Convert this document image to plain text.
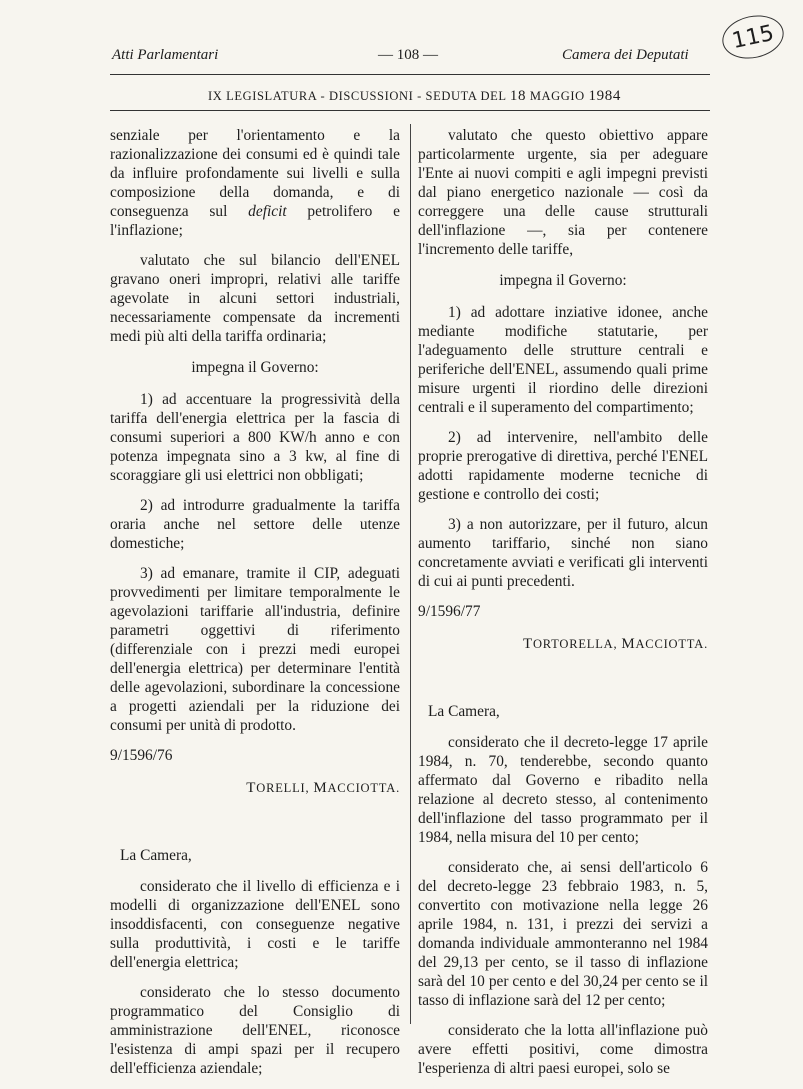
Atti Parlamentari	— 108 —	Camera dei Deputati
115
IX LEGISLATURA - DISCUSSIONI - SEDUTA DEL 18 MAGGIO 1984

senziale per l'orientamento e la razionalizzazione dei consumi ed è quindi tale da influire profondamente sui livelli e sulla composizione della domanda, e di conseguenza sul deficit petrolifero e l'inflazione;

valutato che sul bilancio dell'ENEL gravano oneri impropri, relativi alle tariffe agevolate in alcuni settori industriali, necessariamente compensate da incrementi medi più alti della tariffa ordinaria;

impegna il Governo:

1) ad accentuare la progressività della tariffa dell'energia elettrica per la fascia di consumi superiori a 800 KW/h anno e con potenza impegnata sino a 3 kw, al fine di scoraggiare gli usi elettrici non obbligati;

2) ad introdurre gradualmente la tariffa oraria anche nel settore delle utenze domestiche;

3) ad emanare, tramite il CIP, adeguati provvedimenti per limitare temporalmente le agevolazioni tariffarie all'industria, definire parametri oggettivi di riferimento (differenziale con i prezzi medi europei dell'energia elettrica) per determinare l'entità delle agevolazioni, subordinare la concessione a progetti aziendali per la riduzione dei consumi per unità di prodotto.

9/1596/76

TORELLI, MACCIOTTA.

La Camera,

considerato che il livello di efficienza e i modelli di organizzazione dell'ENEL sono insoddisfacenti, con conseguenze negative sulla produttività, i costi e le tariffe dell'energia elettrica;

considerato che lo stesso documento programmatico del Consiglio di amministrazione dell'ENEL, riconosce l'esistenza di ampi spazi per il recupero dell'efficienza aziendale;

valutato che questo obiettivo appare particolarmente urgente, sia per adeguare l'Ente ai nuovi compiti e agli impegni previsti dal piano energetico nazionale — così da correggere una delle cause strutturali dell'inflazione —, sia per contenere l'incremento delle tariffe,

impegna il Governo:

1) ad adottare inziative idonee, anche mediante modifiche statutarie, per l'adeguamento delle strutture centrali e periferiche dell'ENEL, assumendo quali prime misure urgenti il riordino delle direzioni centrali e il superamento del compartimento;

2) ad intervenire, nell'ambito delle proprie prerogative di direttiva, perché l'ENEL adotti rapidamente moderne tecniche di gestione e controllo dei costi;

3) a non autorizzare, per il futuro, alcun aumento tariffario, sinché non siano concretamente avviati e verificati gli interventi di cui ai punti precedenti.

9/1596/77

TORTORELLA, MACCIOTTA.

La Camera,

considerato che il decreto-legge 17 aprile 1984, n. 70, tenderebbe, secondo quanto affermato dal Governo e ribadito nella relazione al decreto stesso, al contenimento dell'inflazione del tasso programmato per il 1984, nella misura del 10 per cento;

considerato che, ai sensi dell'articolo 6 del decreto-legge 23 febbraio 1983, n. 5, convertito con motivazione nella legge 26 aprile 1984, n. 131, i prezzi dei servizi a domanda individuale ammonteranno nel 1984 del 29,13 per cento, se il tasso di inflazione sarà del 10 per cento e del 30,24 per cento se il tasso di inflazione sarà del 12 per cento;

considerato che la lotta all'inflazione può avere effetti positivi, come dimostra l'esperienza di altri paesi europei, solo se
